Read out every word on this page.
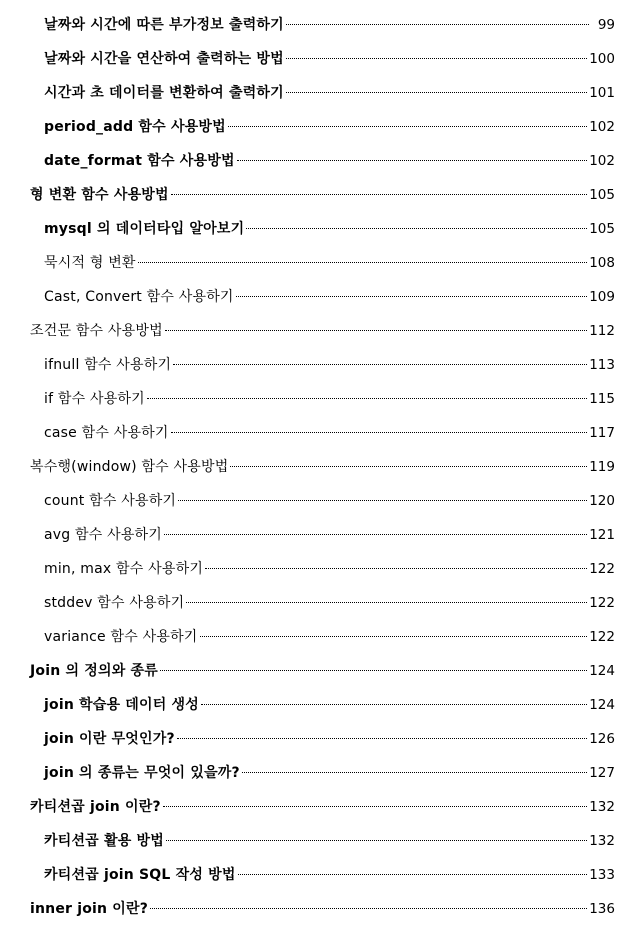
날짜와 시간에 따른 부가정보 출력하기	99
날짜와 시간을 연산하여 출력하는 방법	100
시간과 초 데이터를 변환하여 출력하기	101
period_add 함수 사용방법	102
date_format 함수 사용방법	102
형 변환 함수 사용방법	105
mysql 의 데이터타입 알아보기	105
묵시적 형 변환	108
Cast, Convert 함수 사용하기	109
조건문 함수 사용방법	112
ifnull 함수 사용하기	113
if 함수 사용하기	115
case 함수 사용하기	117
복수행(window) 함수 사용방법	119
count 함수 사용하기	120
avg 함수 사용하기	121
min, max 함수 사용하기	122
stddev 함수 사용하기	122
variance 함수 사용하기	122
Join 의 정의와 종류	124
join 학습용 데이터 생성	124
join 이란 무엇인가?	126
join 의 종류는 무엇이 있을까?	127
카티션곱 join 이란?	132
카티션곱 활용 방법	132
카티션곱 join SQL 작성 방법	133
inner join 이란?	136
